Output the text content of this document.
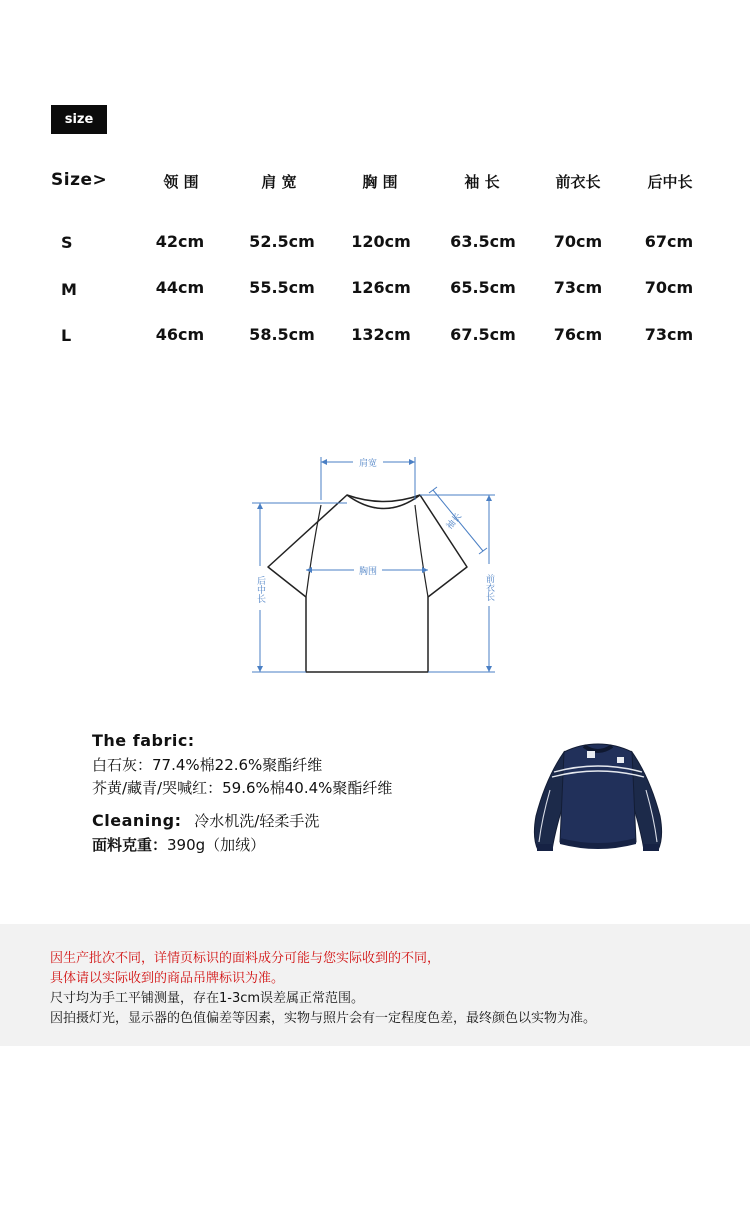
size
Size>	领 围	肩 宽	胸 围	袖 长	前衣长	后中长
S	42cm	52.5cm 120cm 63.5cm 70cm	67cm
M	44cm	55.5cm 126cm 65.5cm 73cm	70cm
L	46cm	58.5cm 132cm 67.5cm 76cm	73cm
肩宽
胸围
袖长
后中长	前衣长
The fabric:
白石灰：77.4%棉22.6%聚酯纤维
芥黄/藏青/哭喊红：59.6%棉40.4%聚酯纤维
Cleaning: 冷水机洗/轻柔手洗
面料克重：390g（加绒）
因生产批次不同，详情页标识的面料成分可能与您实际收到的不同，
具体请以实际收到的商品吊牌标识为准。
尺寸均为手工平铺测量，存在1-3cm误差属正常范围。
因拍摄灯光，显示器的色值偏差等因素，实物与照片会有一定程度色差，最终颜色以实物为准。
